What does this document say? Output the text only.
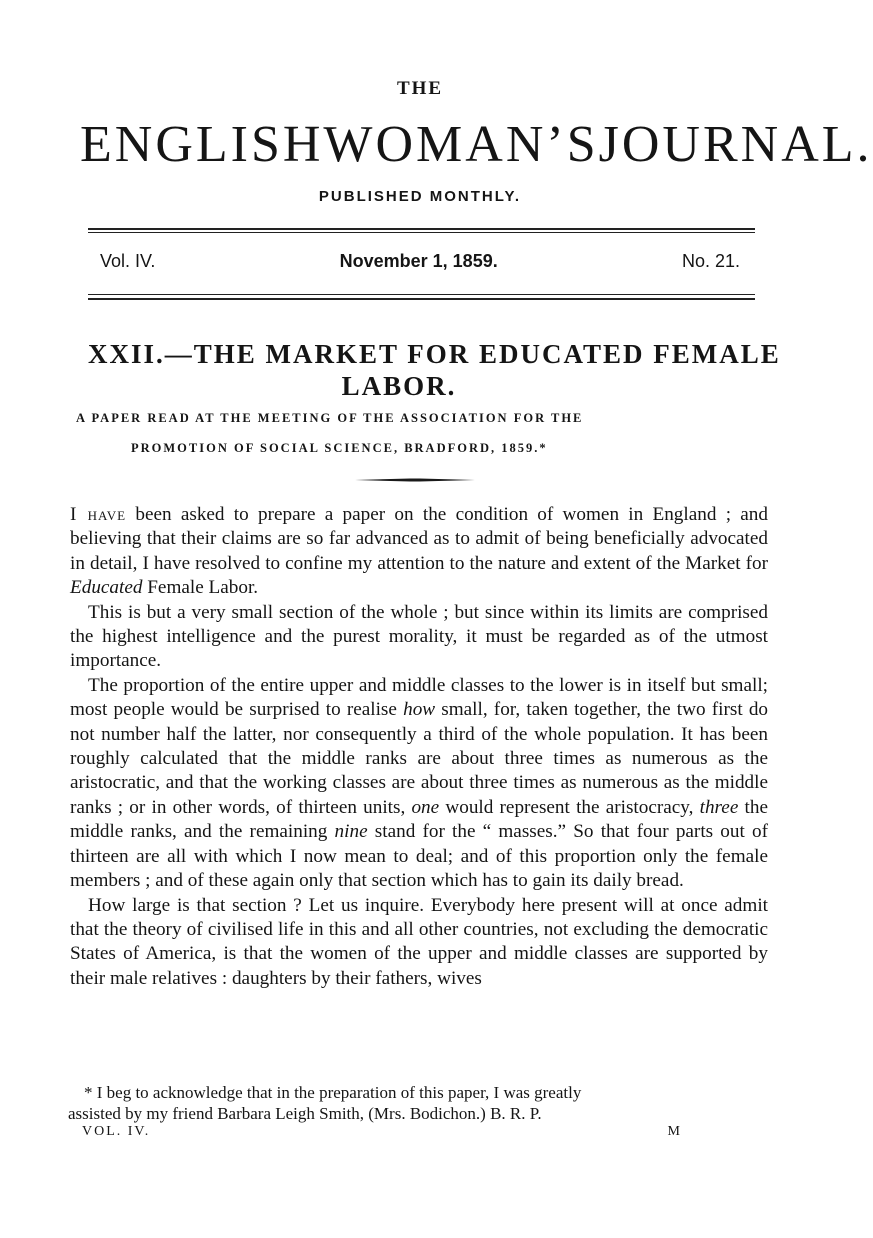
THE
ENGLISH WOMAN’S JOURNAL.
PUBLISHED MONTHLY.
Vol. IV.	November 1, 1859.	No. 21.
XXII.—THE MARKET FOR EDUCATED FEMALE
LABOR.
A PAPER READ AT THE MEETING OF THE ASSOCIATION FOR THE
PROMOTION OF SOCIAL SCIENCE, BRADFORD, 1859.*

I have been asked to prepare a paper on the condition of women in England ; and believing that their claims are so far advanced as to admit of being beneficially advocated in detail, I have resolved to confine my attention to the nature and extent of the Market for Educated Female Labor.

This is but a very small section of the whole ; but since within its limits are comprised the highest intelligence and the purest morality, it must be regarded as of the utmost importance.

The proportion of the entire upper and middle classes to the lower is in itself but small; most people would be surprised to realise how small, for, taken together, the two first do not number half the latter, nor consequently a third of the whole population. It has been roughly calculated that the middle ranks are about three times as numerous as the aristocratic, and that the working classes are about three times as numerous as the middle ranks ; or in other words, of thirteen units, one would represent the aristocracy, three the middle ranks, and the remaining nine stand for the “ masses.” So that four parts out of thirteen are all with which I now mean to deal; and of this proportion only the female members ; and of these again only that section which has to gain its daily bread.

How large is that section ? Let us inquire. Everybody here present will at once admit that the theory of civilised life in this and all other countries, not excluding the democratic States of America, is that the women of the upper and middle classes are supported by their male relatives : daughters by their fathers, wives

* I beg to acknowledge that in the preparation of this paper, I was greatly
assisted by my friend Barbara Leigh Smith, (Mrs. Bodichon.) B. R. P.
VOL. IV.	M
